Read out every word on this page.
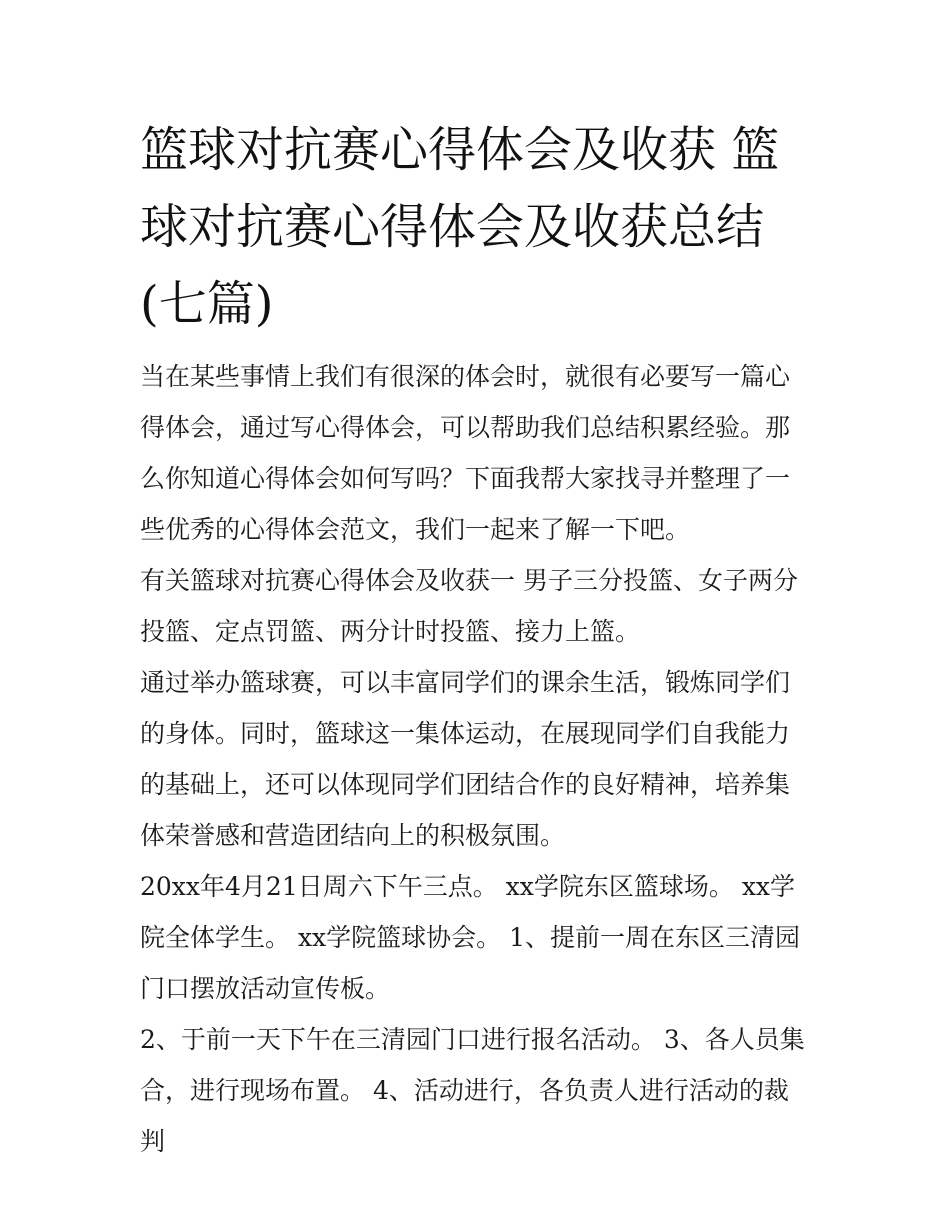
篮球对抗赛心得体会及收获 篮球对抗赛心得体会及收获总结(七篇)

当在某些事情上我们有很深的体会时，就很有必要写一篇心得体会，通过写心得体会，可以帮助我们总结积累经验。那么你知道心得体会如何写吗？下面我帮大家找寻并整理了一些优秀的心得体会范文，我们一起来了解一下吧。

有关篮球对抗赛心得体会及收获一 男子三分投篮、女子两分投篮、定点罚篮、两分计时投篮、接力上篮。

通过举办篮球赛，可以丰富同学们的课余生活，锻炼同学们的身体。同时，篮球这一集体运动，在展现同学们自我能力的基础上，还可以体现同学们团结合作的良好精神，培养集体荣誉感和营造团结向上的积极氛围。

20xx年4月21日周六下午三点。 xx学院东区篮球场。 xx学院全体学生。 xx学院篮球协会。 1、提前一周在东区三清园门口摆放活动宣传板。

2、于前一天下午在三清园门口进行报名活动。 3、各人员集合，进行现场布置。 4、活动进行，各负责人进行活动的裁判
